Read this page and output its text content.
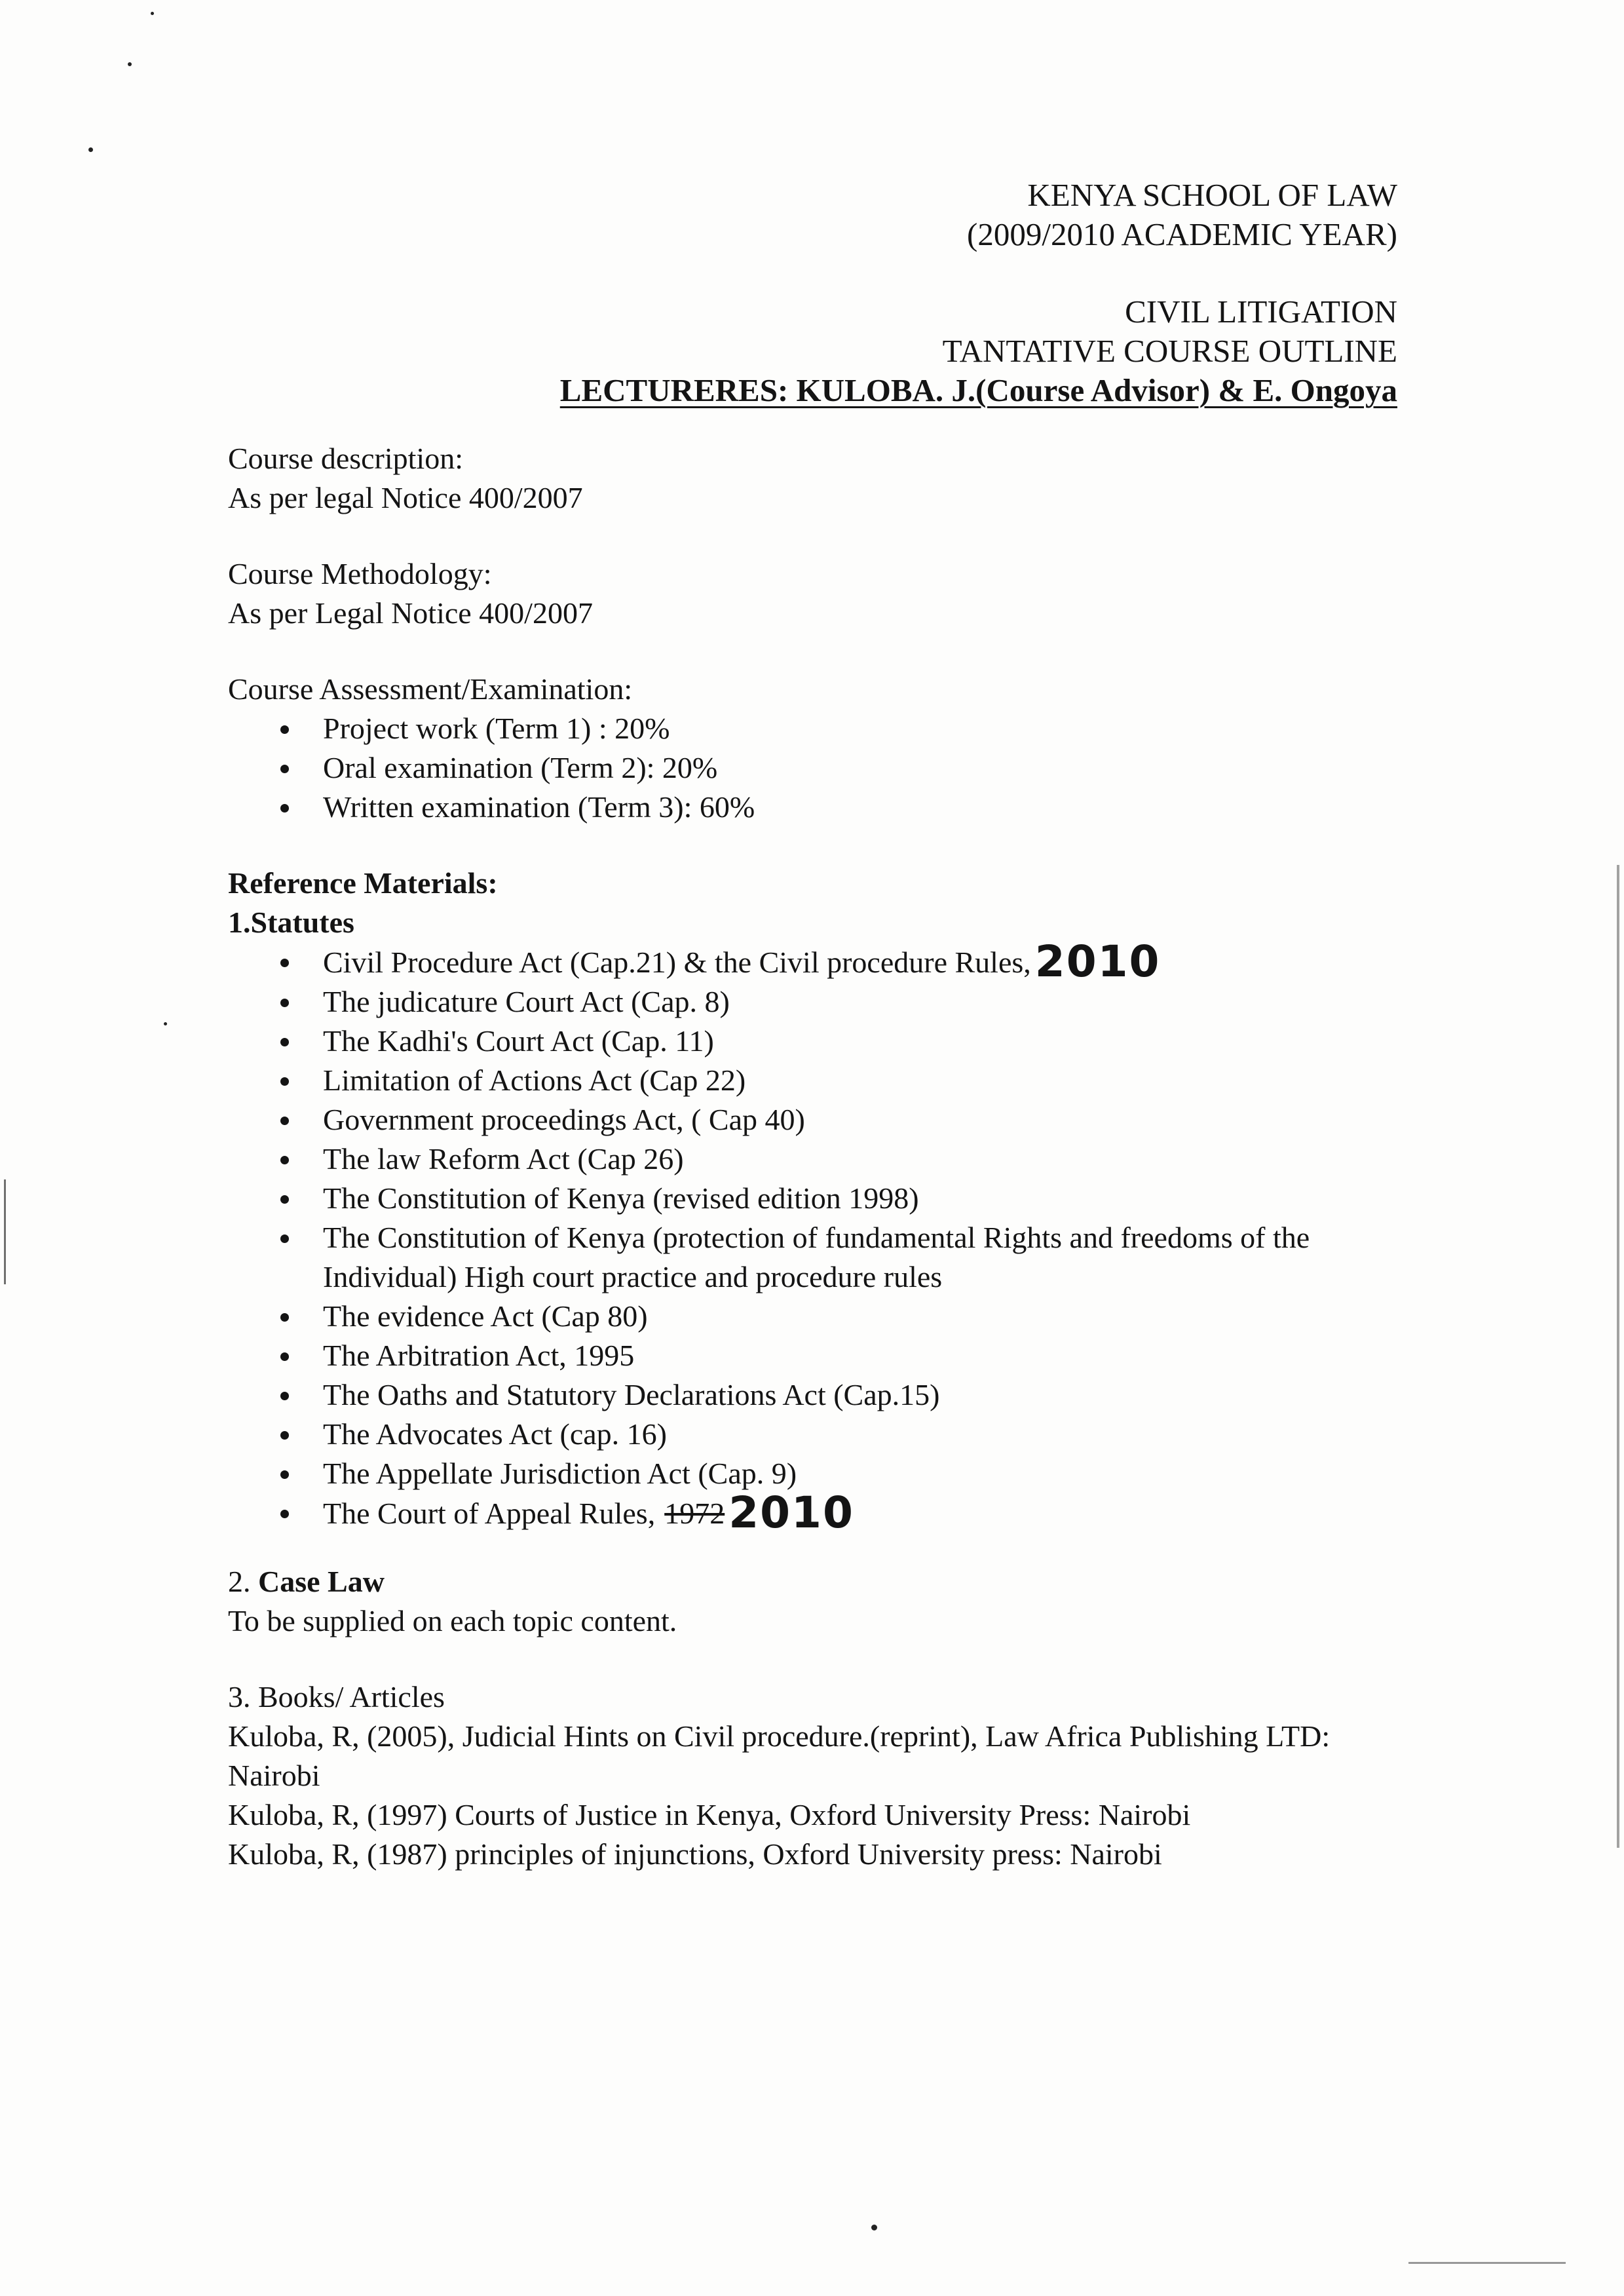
KENYA SCHOOL OF LAW
(2009/2010 ACADEMIC YEAR)
CIVIL LITIGATION
TANTATIVE COURSE OUTLINE
LECTURERES: KULOBA. J.(Course Advisor) & E. Ongoya
Course description:
As per legal Notice 400/2007
Course Methodology:
As per Legal Notice 400/2007
Course Assessment/Examination:
Project work (Term 1) : 20%
Oral examination (Term 2): 20%
Written examination (Term 3): 60%
Reference Materials:
1.Statutes
Civil Procedure Act (Cap.21) & the Civil procedure Rules,2010
The judicature Court Act (Cap. 8)
The Kadhi's Court Act (Cap. 11)
Limitation of Actions Act (Cap 22)
Government proceedings Act, ( Cap 40)
The law Reform Act (Cap 26)
The Constitution of Kenya (revised edition 1998)
The Constitution of Kenya (protection of fundamental Rights and freedoms of the Individual) High court practice and procedure rules
The evidence Act (Cap 80)
The Arbitration Act, 1995
The Oaths and Statutory Declarations Act (Cap.15)
The Advocates Act (cap. 16)
The Appellate Jurisdiction Act (Cap. 9)
The Court of Appeal Rules, 19722010
2. Case Law
To be supplied on each topic content.
3. Books/ Articles
Kuloba, R, (2005), Judicial Hints on Civil procedure.(reprint), Law Africa Publishing LTD: Nairobi
Kuloba, R, (1997) Courts of Justice in Kenya, Oxford University Press: Nairobi
Kuloba, R, (1987) principles of injunctions, Oxford University press: Nairobi
